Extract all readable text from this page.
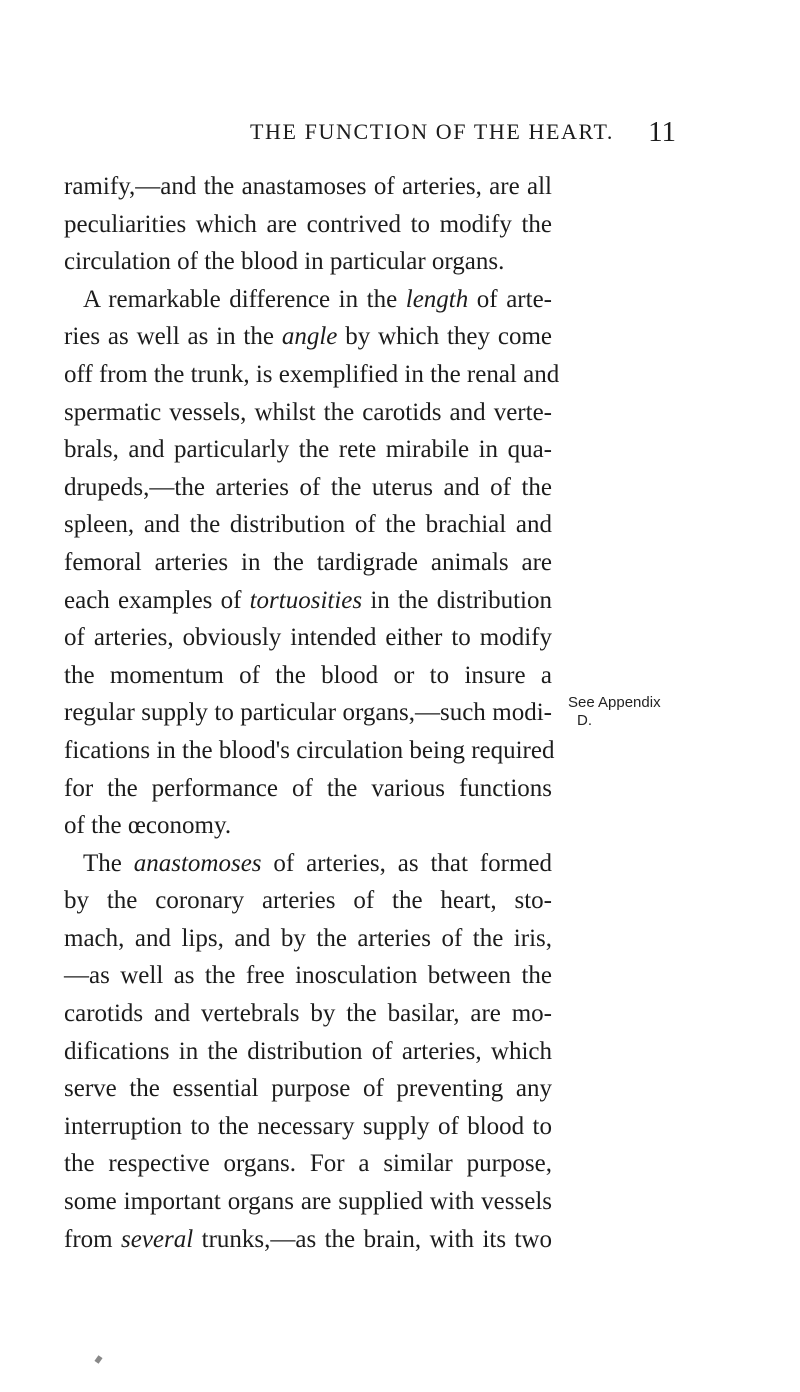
THE FUNCTION OF THE HEART. 11
ramify,—and the anastamoses of arteries, are all
peculiarities which are contrived to modify the
circulation of the blood in particular organs.
A remarkable difference in the length of arte-
ries as well as in the angle by which they come
off from the trunk, is exemplified in the renal and
spermatic vessels, whilst the carotids and verte-
brals, and particularly the rete mirabile in qua-
drupeds,—the arteries of the uterus and of the
spleen, and the distribution of the brachial and
femoral arteries in the tardigrade animals are
each examples of tortuosities in the distribution
of arteries, obviously intended either to modify
the momentum of the blood or to insure a
regular supply to particular organs,—such modi-
fications in the blood's circulation being required
for the performance of the various functions
of the œconomy.
The anastomoses of arteries, as that formed
by the coronary arteries of the heart, sto-
mach, and lips, and by the arteries of the iris,
—as well as the free inosculation between the
carotids and vertebrals by the basilar, are mo-
difications in the distribution of arteries, which
serve the essential purpose of preventing any
interruption to the necessary supply of blood to
the respective organs. For a similar purpose,
some important organs are supplied with vessels
from several trunks,—as the brain, with its two
See Appendix
D.
